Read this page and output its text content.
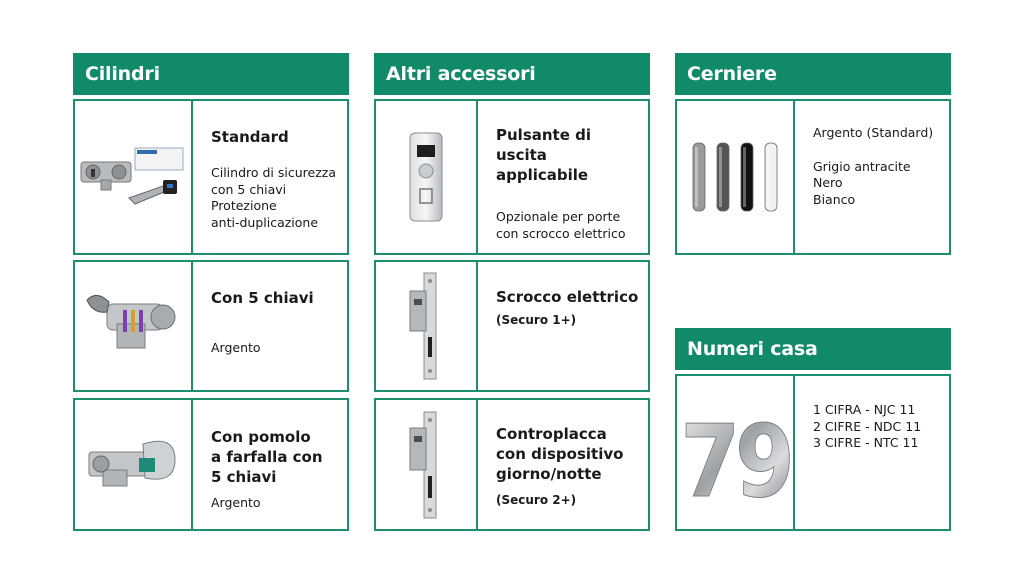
Cilindri
Standard
Cilindro di sicurezza
con 5 chiavi
Protezione
anti-duplicazione
Con 5 chiavi
Argento
Con pomolo
a farfalla con
5 chiavi
Argento
Altri accessori
Pulsante di uscita
applicabile
Opzionale per porte
con scrocco elettrico
Scrocco elettrico
(Securo 1+)
Controplacca
con dispositivo
giorno/notte
(Securo 2+)
Cerniere
Argento (Standard)
Grigio antracite
Nero
Bianco
Numeri casa
79 1 CIFRA - NJC 11
2 CIFRE - NDC 11
3 CIFRE - NTC 11
